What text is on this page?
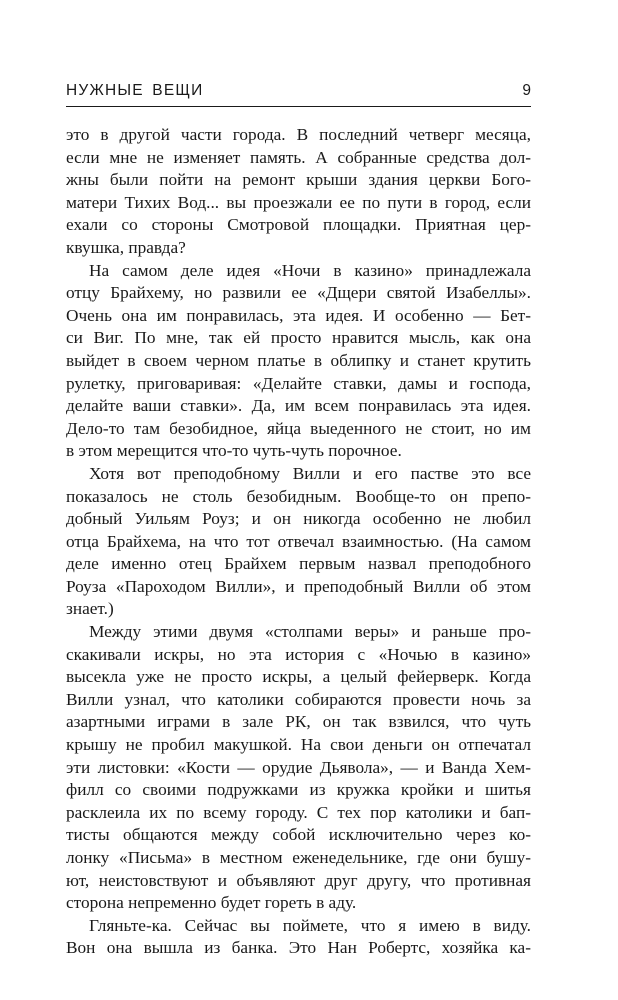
НУЖНЫЕ ВЕЩИ	9
это в другой части города. В последний четверг месяца,
если мне не изменяет память. А собранные средства дол-
жны были пойти на ремонт крыши здания церкви Бого-
матери Тихих Вод... вы проезжали ее по пути в город, если
ехали со стороны Смотровой площадки. Приятная цер-
квушка, правда?
На самом деле идея «Ночи в казино» принадлежала
отцу Брайхему, но развили ее «Дщери святой Изабеллы».
Очень она им понравилась, эта идея. И особенно — Бет-
си Виг. По мне, так ей просто нравится мысль, как она
выйдет в своем черном платье в облипку и станет крутить
рулетку, приговаривая: «Делайте ставки, дамы и господа,
делайте ваши ставки». Да, им всем понравилась эта идея.
Дело-то там безобидное, яйца выеденного не стоит, но им
в этом мерещится что-то чуть-чуть порочное.
Хотя вот преподобному Вилли и его пастве это все
показалось не столь безобидным. Вообще-то он препо-
добный Уильям Роуз; и он никогда особенно не любил
отца Брайхема, на что тот отвечал взаимностью. (На самом
деле именно отец Брайхем первым назвал преподобного
Роуза «Пароходом Вилли», и преподобный Вилли об этом
знает.)
Между этими двумя «столпами веры» и раньше про-
скакивали искры, но эта история с «Ночью в казино»
высекла уже не просто искры, а целый фейерверк. Когда
Вилли узнал, что католики собираются провести ночь за
азартными играми в зале РК, он так взвился, что чуть
крышу не пробил макушкой. На свои деньги он отпечатал
эти листовки: «Кости — орудие Дьявола», — и Ванда Хем-
филл со своими подружками из кружка кройки и шитья
расклеила их по всему городу. С тех пор католики и бап-
тисты общаются между собой исключительно через ко-
лонку «Письма» в местном еженедельнике, где они бушу-
ют, неистовствуют и объявляют друг другу, что противная
сторона непременно будет гореть в аду.
Гляньте-ка. Сейчас вы поймете, что я имею в виду.
Вон она вышла из банка. Это Нан Робертс, хозяйка ка-
